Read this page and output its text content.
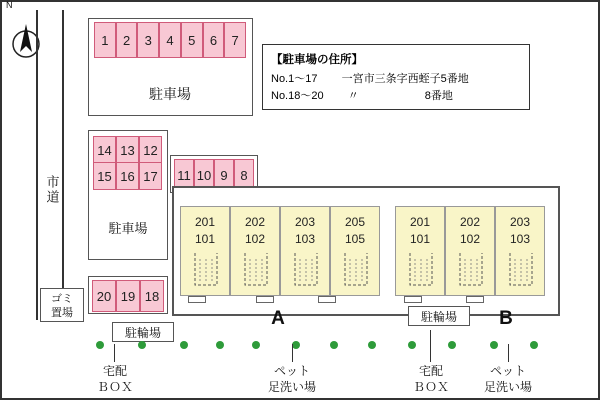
N
市道
1	2	3	4	5	6	7
駐車場
14 13 12
15 16 17
駐車場
11 10 9 8
20 19 18
【駐車場の住所】
No.1〜17 一宮市三条字西蛭子5番地
No.18〜20 〃　　　　　　8番地
201
101
202
102
203
103
205
105
A
201
101
202
102
203
103
B
ゴミ
置場
駐輪場
駐輪場
宅配
ＢＯＸ
ペット
足洗い場
宅配
ＢＯＸ
ペット
足洗い場
